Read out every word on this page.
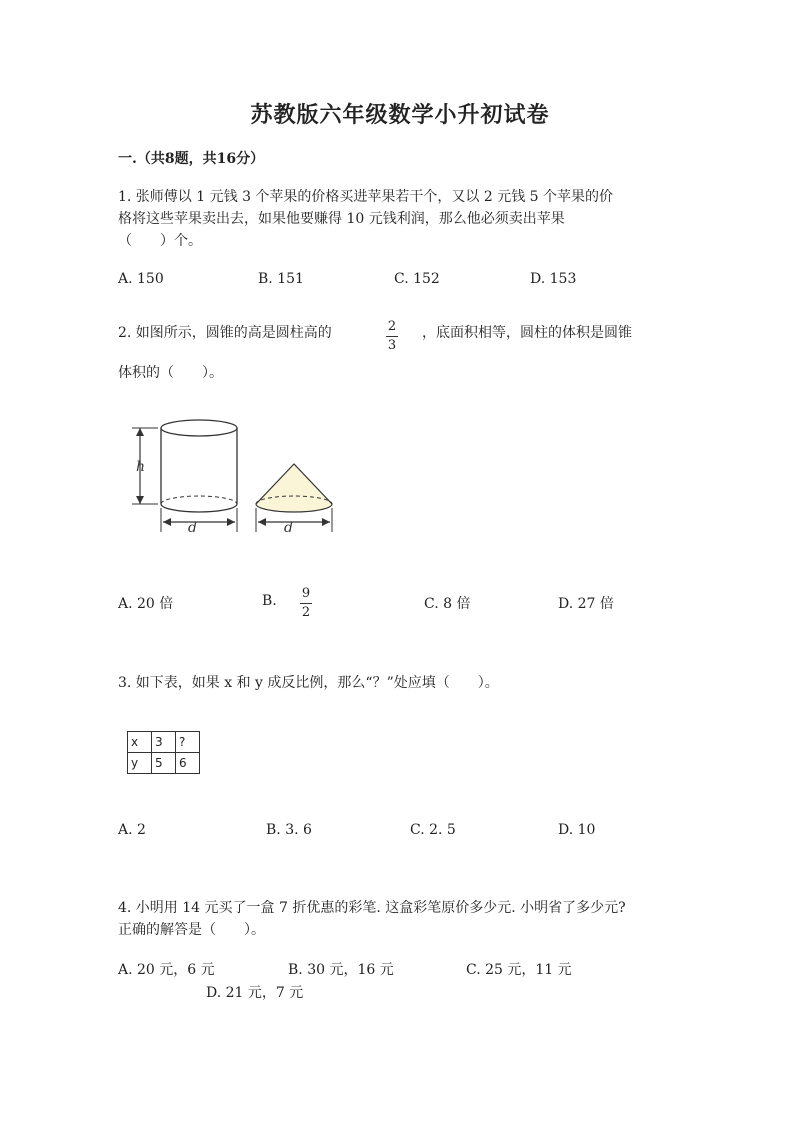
苏教版六年级数学小升初试卷
一.（共8题，共16分）
1. 张师傅以 1 元钱 3 个苹果的价格买进苹果若干个，又以 2 元钱 5 个苹果的价
格将这些苹果卖出去，如果他要赚得 10 元钱利润，那么他必须卖出苹果
（　　）个。
A. 150	B. 151	C. 152	D. 153
2. 如图所示，圆锥的高是圆柱高的	2
3
，底面积相等，圆柱的体积是圆锥
体积的（　　）。
h
d	d
A. 20 倍	B. 9
2
C. 8 倍	D. 27 倍
3. 如下表，如果 x 和 y 成反比例，那么“？”处应填（　　）。
x	3	?
y	5	6
A. 2	B. 3. 6	C. 2. 5	D. 10
4. 小明用 14 元买了一盒 7 折优惠的彩笔. 这盒彩笔原价多少元. 小明省了多少元?
正确的解答是（　　）。
A. 20 元，6 元	B. 30 元，16 元	C. 25 元，11 元
D. 21 元，7 元
